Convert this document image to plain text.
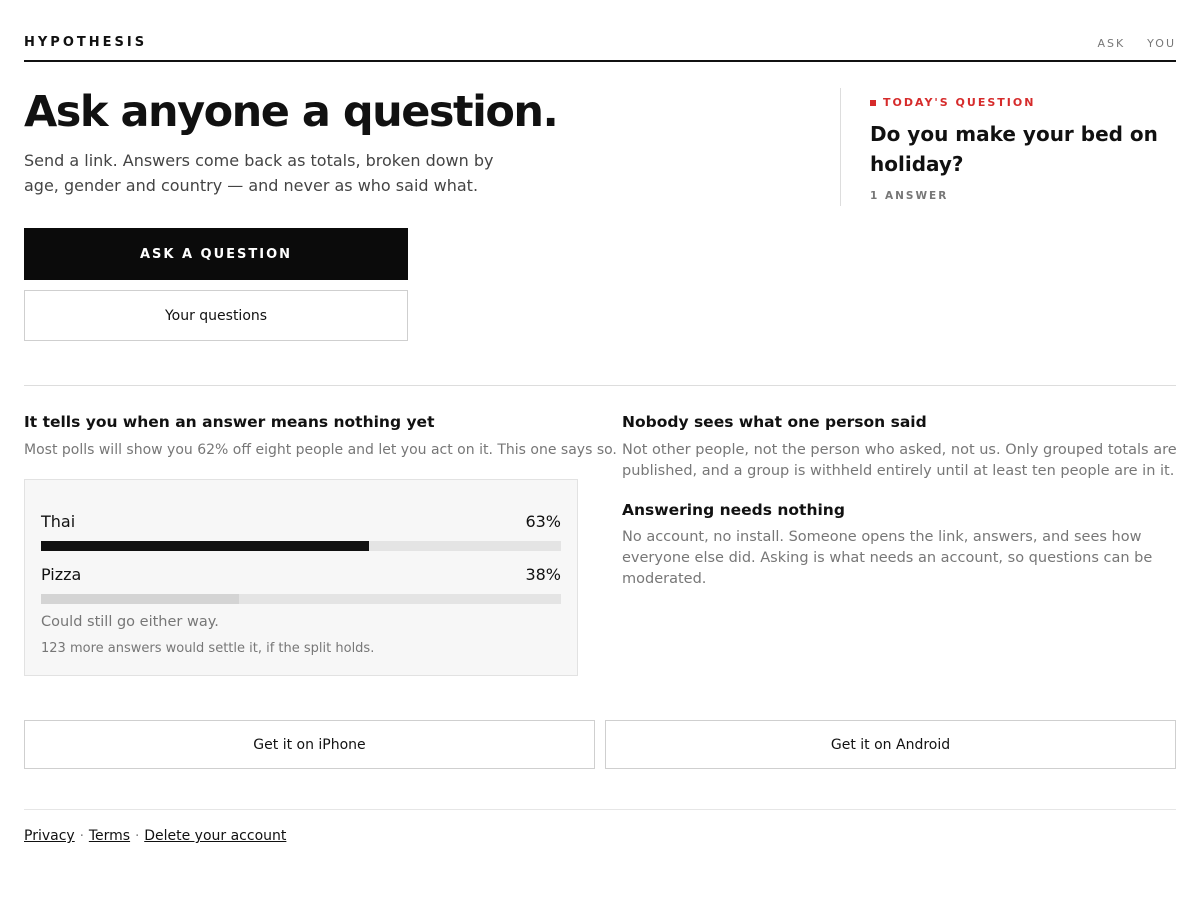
HYPOTHESIS	ASK YOU
Ask anyone a question.

Send a link. Answers come back as totals, broken down by age, gender and country — and never as who said what.

ASK A QUESTION
Your questions
TODAY'S QUESTION
Do you make your bed on holiday?
1 ANSWER
It tells you when an answer means nothing yet

Most polls will show you 62% off eight people and let you act on it. This one says so.

Thai	63%
Pizza	38%
Could still go either way.
123 more answers would settle it, if the split holds.
Nobody sees what one person said

Not other people, not the person who asked, not us. Only grouped totals are published, and a group is withheld entirely until at least ten people are in it.

Answering needs nothing

No account, no install. Someone opens the link, answers, and sees how everyone else did. Asking is what needs an account, so questions can be moderated.

Get it on iPhone	Get it on Android
Privacy · Terms · Delete your account
